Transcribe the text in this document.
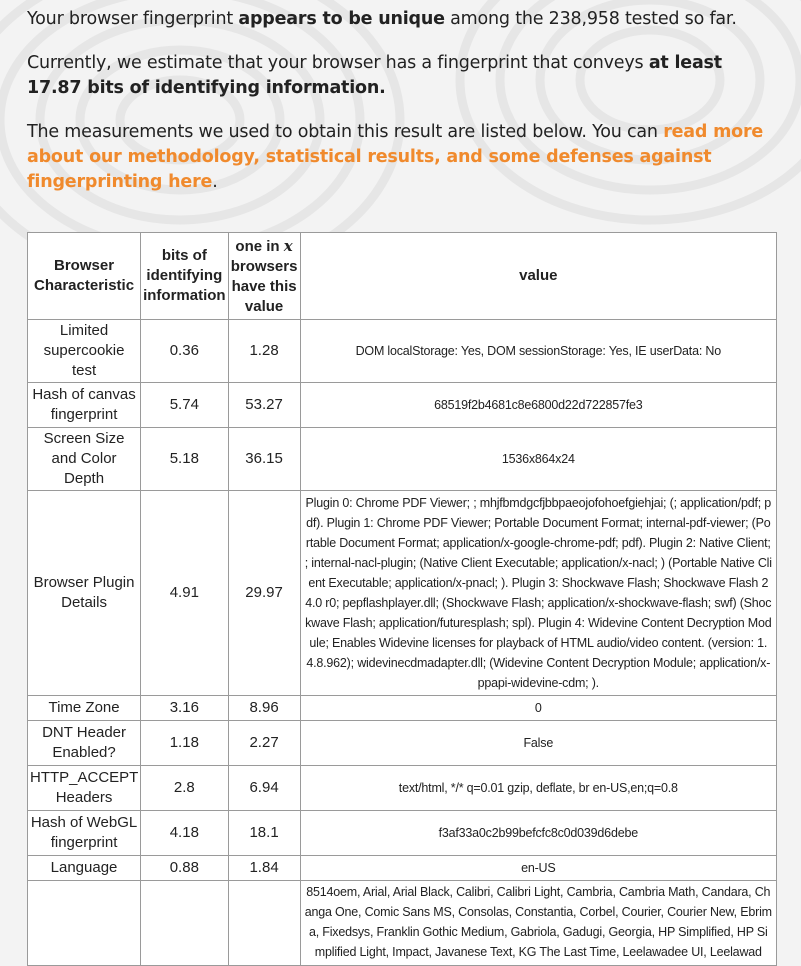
Your browser fingerprint appears to be unique among the 238,958 tested so far.

Currently, we estimate that your browser has a fingerprint that conveys at least 17.87 bits of identifying information.

The measurements we used to obtain this result are listed below. You can read more about our methodology, statistical results, and some defenses against fingerprinting here.

Browser Characteristic	bits of identifying information	one in x browsers have this value	value
Limited supercookie test	0.36	1.28	DOM localStorage: Yes, DOM sessionStorage: Yes, IE userData: No
Hash of canvas fingerprint	5.74	53.27	68519f2b4681c8e6800d22d722857fe3
Screen Size and Color Depth	5.18	36.15	1536x864x24
Browser Plugin Details	4.91	29.97	Plugin 0: Chrome PDF Viewer; ; mhjfbmdgcfjbbpaeojofohoefgiehjai; (; application/pdf; pdf). Plugin 1: Chrome PDF Viewer; Portable Document Format; internal-pdf-viewer; (Portable Document Format; application/x-google-chrome-pdf; pdf). Plugin 2: Native Client; ; internal-nacl-plugin; (Native Client Executable; application/x-nacl; ) (Portable Native Client Executable; application/x-pnacl; ). Plugin 3: Shockwave Flash; Shockwave Flash 24.0 r0; pepflashplayer.dll; (Shockwave Flash; application/x-shockwave-flash; swf) (Shockwave Flash; application/futuresplash; spl). Plugin 4: Widevine Content Decryption Module; Enables Widevine licenses for playback of HTML audio/video content. (version: 1.4.8.962); widevinecdmadapter.dll; (Widevine Content Decryption Module; application/x-ppapi-widevine-cdm; ).
Time Zone	3.16	8.96	0
DNT Header Enabled?	1.18	2.27	False
HTTP_ACCEPT Headers	2.8	6.94	text/html, */* q=0.01 gzip, deflate, br en-US,en;q=0.8
Hash of WebGL fingerprint	4.18	18.1	f3af33a0c2b99befcfc8c0d039d6debe
Language	0.88	1.84	en-US
			8514oem, Arial, Arial Black, Calibri, Calibri Light, Cambria, Cambria Math, Candara, Changa One, Comic Sans MS, Consolas, Constantia, Corbel, Courier, Courier New, Ebrima, Fixedsys, Franklin Gothic Medium, Gabriola, Gadugi, Georgia, HP Simplified, HP Simplified Light, Impact, Javanese Text, KG The Last Time, Leelawadee UI, Leelawad
